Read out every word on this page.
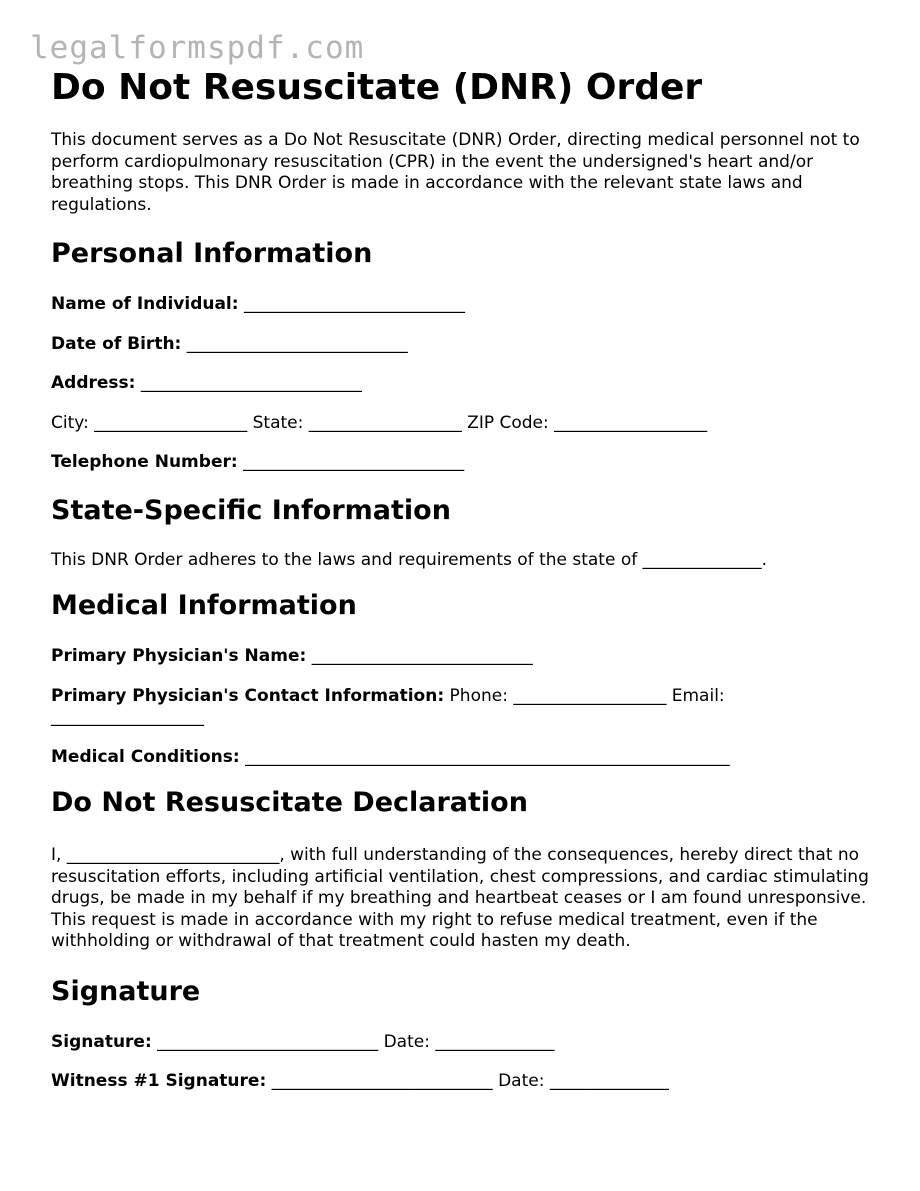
legalformspdf.com
Do Not Resuscitate (DNR) Order

This document serves as a Do Not Resuscitate (DNR) Order, directing medical personnel not to perform cardiopulmonary resuscitation (CPR) in the event the undersigned's heart and/or breathing stops. This DNR Order is made in accordance with the relevant state laws and regulations.

Personal Information
Name of Individual: __________________________
Date of Birth: __________________________
Address: __________________________
City: __________________ State: __________________ ZIP Code: __________________
Telephone Number: __________________________
State-Specific Information
This DNR Order adheres to the laws and requirements of the state of ______________.
Medical Information
Primary Physician's Name: __________________________
Primary Physician's Contact Information: Phone: __________________ Email: __________________
Medical Conditions: _________________________________________________________
Do Not Resuscitate Declaration
I, _________________________, with full understanding of the consequences, hereby direct that no resuscitation efforts, including artificial ventilation, chest compressions, and cardiac stimulating drugs, be made in my behalf if my breathing and heartbeat ceases or I am found unresponsive. This request is made in accordance with my right to refuse medical treatment, even if the withholding or withdrawal of that treatment could hasten my death.
Signature
Signature: __________________________ Date: ______________
Witness #1 Signature: __________________________ Date: ______________
